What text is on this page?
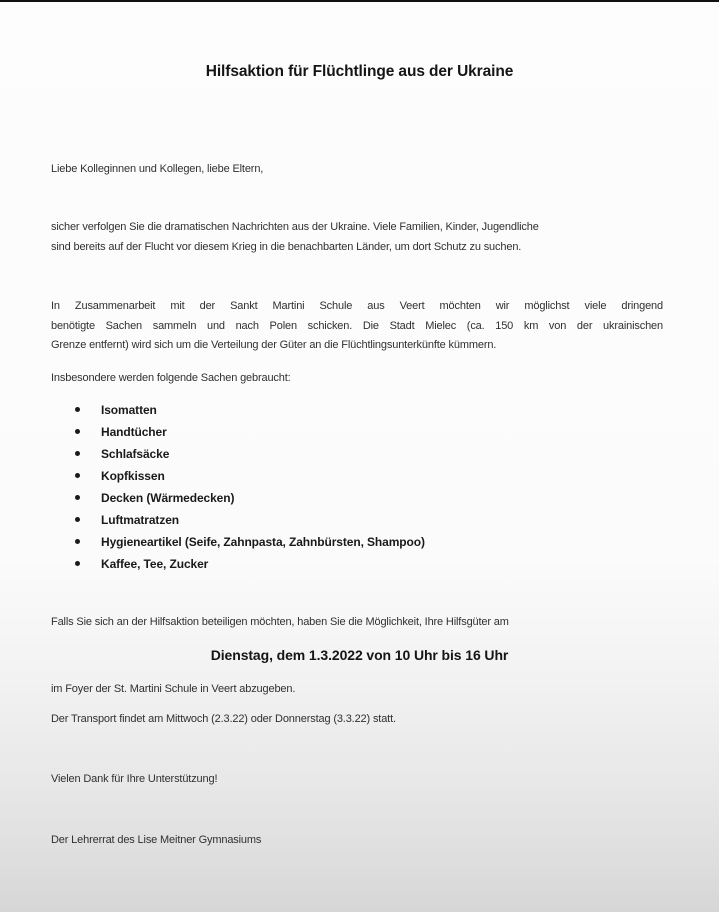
Hilfsaktion für Flüchtlinge aus der Ukraine
Liebe Kolleginnen und Kollegen, liebe Eltern,
sicher verfolgen Sie die dramatischen Nachrichten aus der Ukraine. Viele Familien, Kinder, Jugendliche
sind bereits auf der Flucht vor diesem Krieg in die benachbarten Länder, um dort Schutz zu suchen.
In Zusammenarbeit mit der Sankt Martini Schule aus Veert möchten wir möglichst viele dringend
benötigte Sachen sammeln und nach Polen schicken. Die Stadt Mielec (ca. 150 km von der ukrainischen
Grenze entfernt) wird sich um die Verteilung der Güter an die Flüchtlingsunterkünfte kümmern.
Insbesondere werden folgende Sachen gebraucht:
Isomatten
Handtücher
Schlafsäcke
Kopfkissen
Decken (Wärmedecken)
Luftmatratzen
Hygieneartikel (Seife, Zahnpasta, Zahnbürsten, Shampoo)
Kaffee, Tee, Zucker
Falls Sie sich an der Hilfsaktion beteiligen möchten, haben Sie die Möglichkeit, Ihre Hilfsgüter am
Dienstag, dem 1.3.2022 von 10 Uhr bis 16 Uhr
im Foyer der St. Martini Schule in Veert abzugeben.
Der Transport findet am Mittwoch (2.3.22) oder Donnerstag (3.3.22) statt.
Vielen Dank für Ihre Unterstützung!
Der Lehrerrat des Lise Meitner Gymnasiums
